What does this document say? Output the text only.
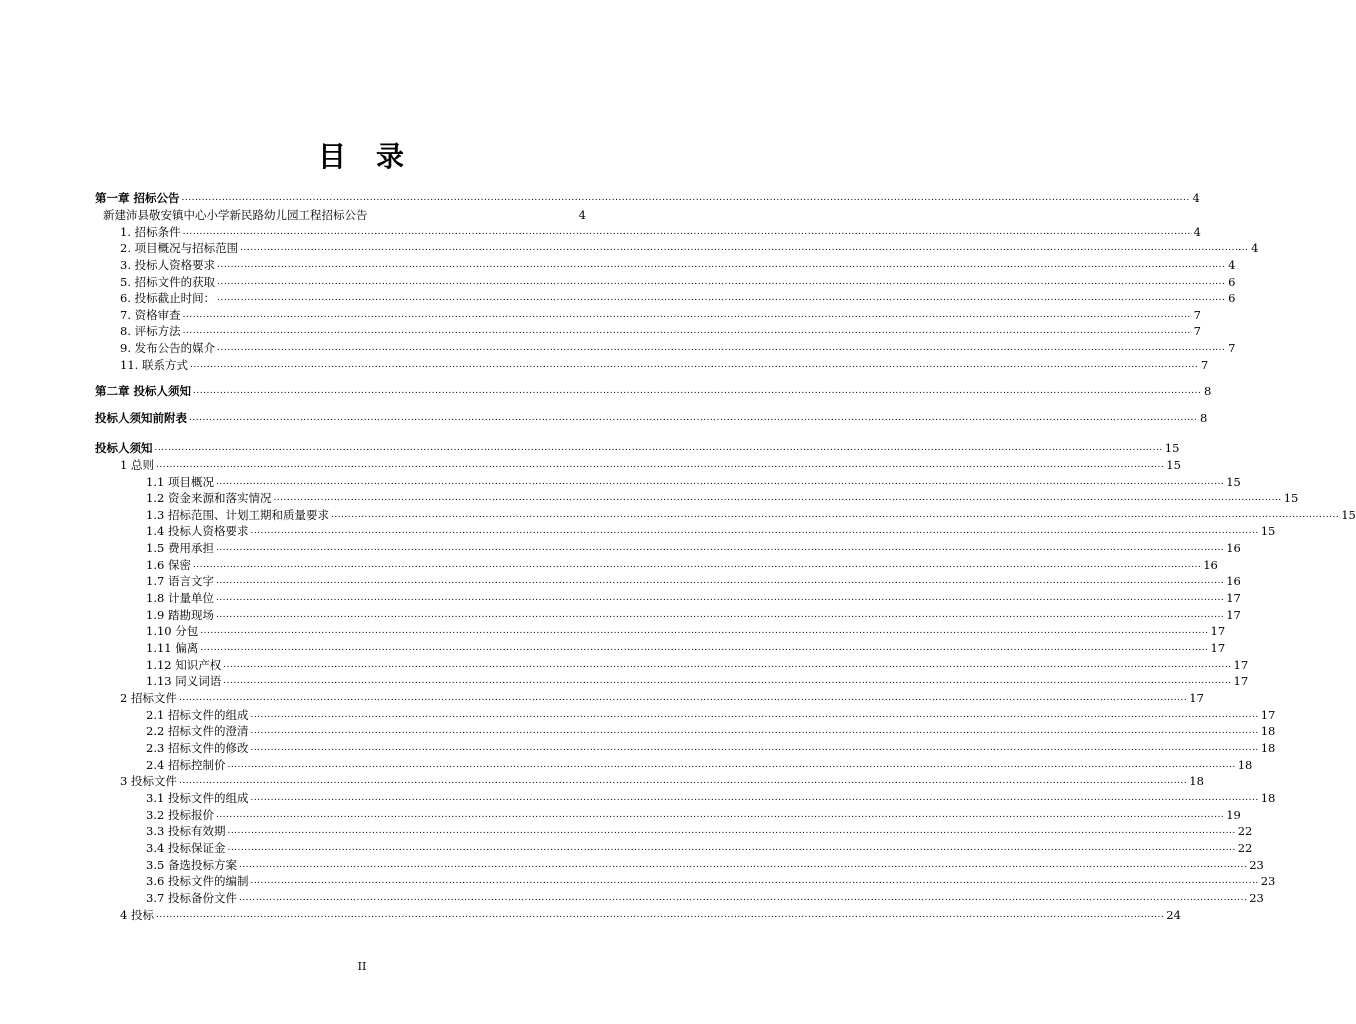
目 录
第一章 招标公告 ............................................................................................................................................................................................................................................................................................................ 4
新建沛县敬安镇中心小学新民路幼儿园工程招标公告	4
1. 招标条件 ............................................................................................................................................................................................................................................................................................................ 4
2. 项目概况与招标范围 ............................................................................................................................................................................................................................................................................................................ 4
3. 投标人资格要求 ............................................................................................................................................................................................................................................................................................................ 4
5. 招标文件的获取 ............................................................................................................................................................................................................................................................................................................ 6
6. 投标截止时间： ............................................................................................................................................................................................................................................................................................................ 6
7. 资格审查 ............................................................................................................................................................................................................................................................................................................ 7
8. 评标方法 ............................................................................................................................................................................................................................................................................................................ 7
9. 发布公告的媒介 ............................................................................................................................................................................................................................................................................................................ 7
11. 联系方式 ............................................................................................................................................................................................................................................................................................................ 7
第二章 投标人须知 ............................................................................................................................................................................................................................................................................................................ 8
投标人须知前附表 ............................................................................................................................................................................................................................................................................................................ 8
投标人须知 ............................................................................................................................................................................................................................................................................................................ 15
1 总则 ............................................................................................................................................................................................................................................................................................................ 15
1.1 项目概况 ............................................................................................................................................................................................................................................................................................................ 15
1.2 资金来源和落实情况 ............................................................................................................................................................................................................................................................................................................ 15
1.3 招标范围、计划工期和质量要求 ............................................................................................................................................................................................................................................................................................................ 15
1.4 投标人资格要求 ............................................................................................................................................................................................................................................................................................................ 15
1.5 费用承担 ............................................................................................................................................................................................................................................................................................................ 16
1.6 保密 ............................................................................................................................................................................................................................................................................................................ 16
1.7 语言文字 ............................................................................................................................................................................................................................................................................................................ 16
1.8 计量单位 ............................................................................................................................................................................................................................................................................................................ 17
1.9 踏勘现场 ............................................................................................................................................................................................................................................................................................................ 17
1.10 分包 ............................................................................................................................................................................................................................................................................................................ 17
1.11 偏离 ............................................................................................................................................................................................................................................................................................................ 17
1.12 知识产权 ............................................................................................................................................................................................................................................................................................................ 17
1.13 同义词语 ............................................................................................................................................................................................................................................................................................................ 17
2 招标文件 ............................................................................................................................................................................................................................................................................................................ 17
2.1 招标文件的组成 ............................................................................................................................................................................................................................................................................................................ 17
2.2 招标文件的澄清 ............................................................................................................................................................................................................................................................................................................ 18
2.3 招标文件的修改 ............................................................................................................................................................................................................................................................................................................ 18
2.4 招标控制价 ............................................................................................................................................................................................................................................................................................................ 18
3 投标文件 ............................................................................................................................................................................................................................................................................................................ 18
3.1 投标文件的组成 ............................................................................................................................................................................................................................................................................................................ 18
3.2 投标报价 ............................................................................................................................................................................................................................................................................................................ 19
3.3 投标有效期 ............................................................................................................................................................................................................................................................................................................ 22
3.4 投标保证金 ............................................................................................................................................................................................................................................................................................................ 22
3.5 备选投标方案 ............................................................................................................................................................................................................................................................................................................ 23
3.6 投标文件的编制 ............................................................................................................................................................................................................................................................................................................ 23
3.7 投标备份文件 ............................................................................................................................................................................................................................................................................................................ 23
4 投标 ............................................................................................................................................................................................................................................................................................................ 24
II
